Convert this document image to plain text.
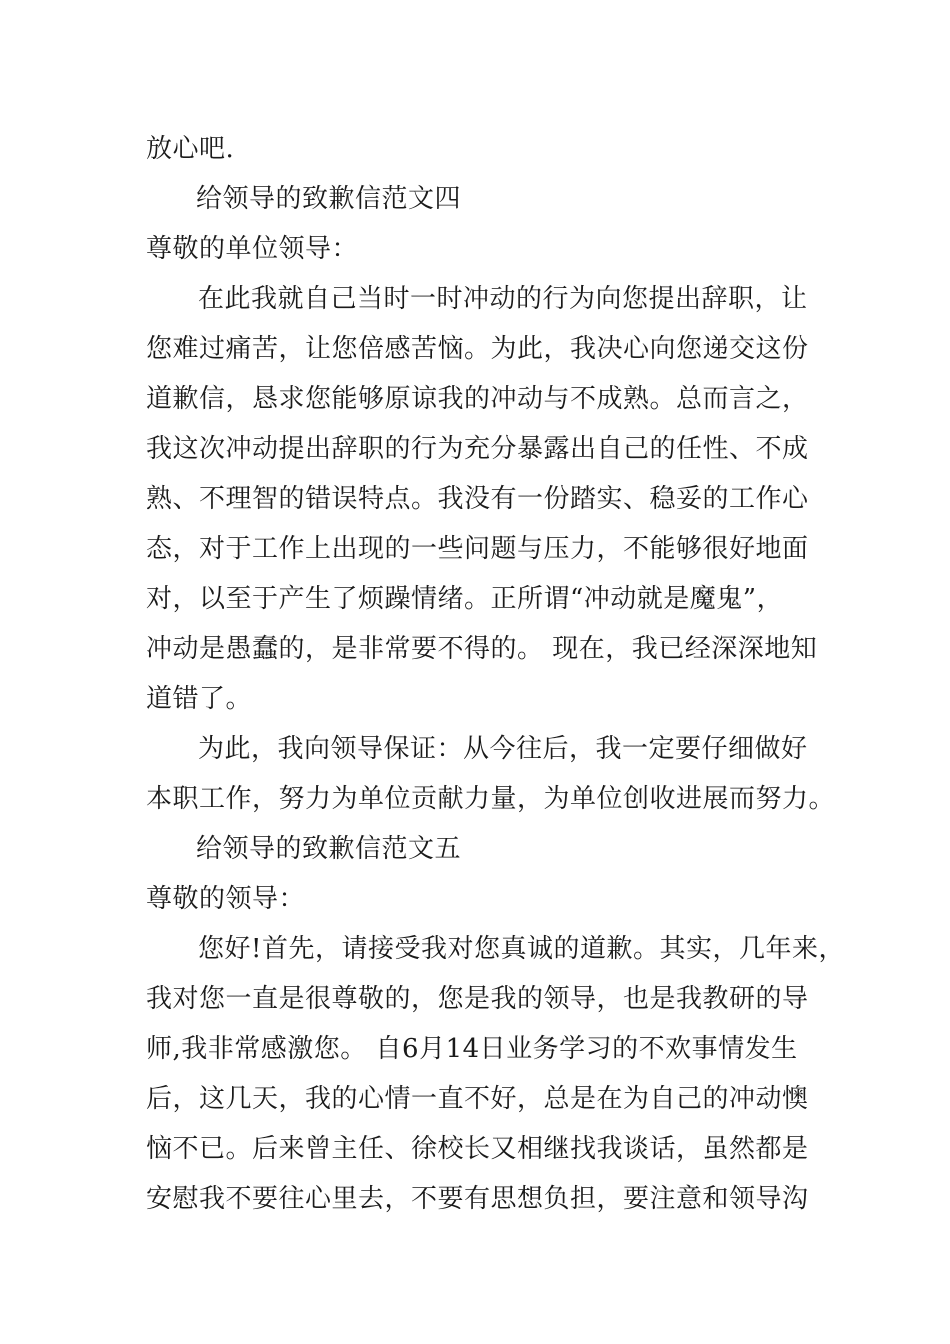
放心吧.
给领导的致歉信范文四
尊敬的单位领导：
在此我就自己当时一时冲动的行为向您提出辞职，让
您难过痛苦，让您倍感苦恼。为此，我决心向您递交这份
道歉信，恳求您能够原谅我的冲动与不成熟。总而言之，
我这次冲动提出辞职的行为充分暴露出自己的任性、不成
熟、不理智的错误特点。我没有一份踏实、稳妥的工作心
态，对于工作上出现的一些问题与压力，不能够很好地面
对，以至于产生了烦躁情绪。正所谓“冲动就是魔鬼”，
冲动是愚蠢的，是非常要不得的。 现在，我已经深深地知
道错了。
为此，我向领导保证：从今往后，我一定要仔细做好
本职工作，努力为单位贡献力量，为单位创收进展而努力。
给领导的致歉信范文五
尊敬的领导：
您好!首先，请接受我对您真诚的道歉。其实，几年来，
我对您一直是很尊敬的，您是我的领导，也是我教研的导
师,我非常感激您。 自6月14日业务学习的不欢事情发生
后，这几天，我的心情一直不好，总是在为自己的冲动懊
恼不已。后来曾主任、徐校长又相继找我谈话，虽然都是
安慰我不要往心里去，不要有思想负担，要注意和领导沟
